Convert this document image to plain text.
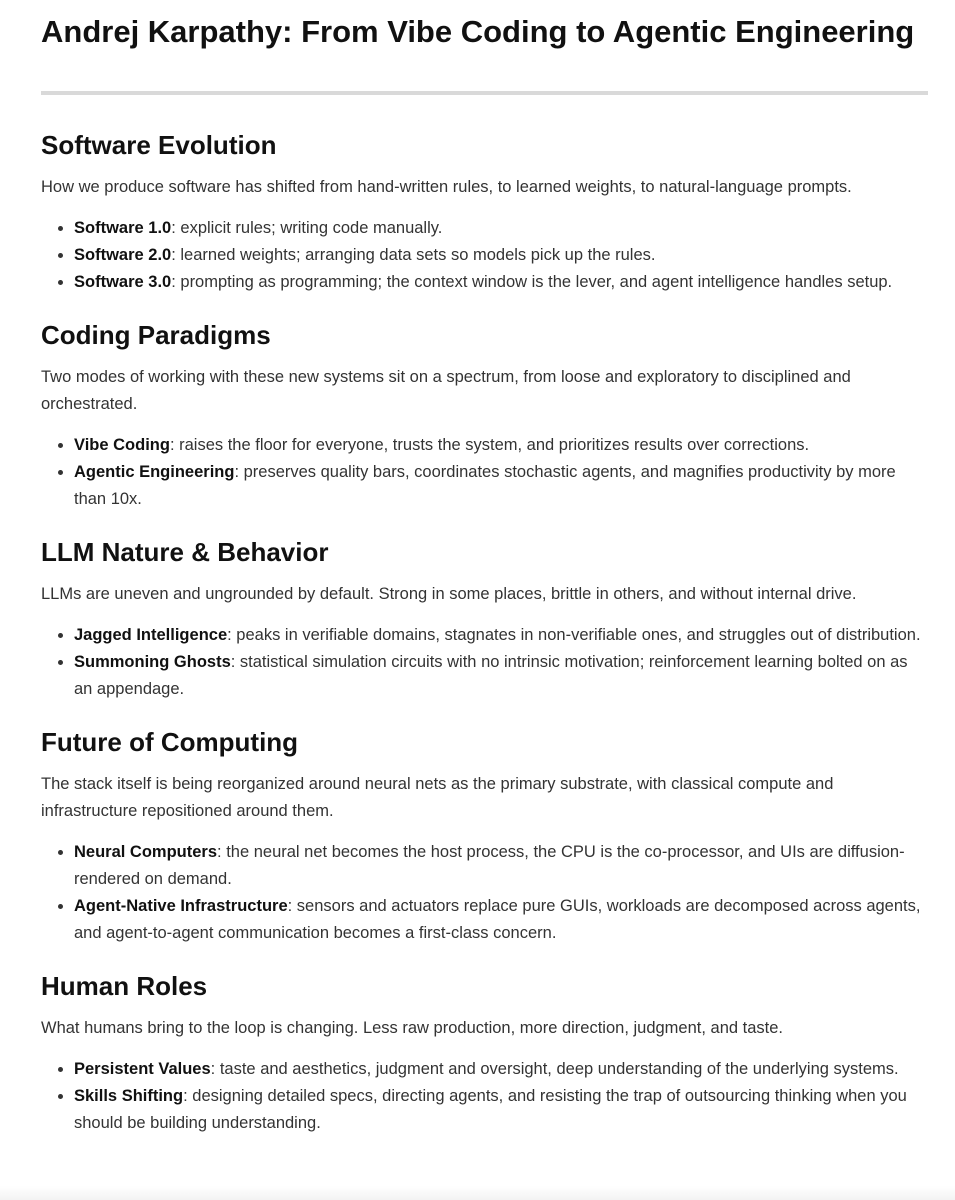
Andrej Karpathy: From Vibe Coding to Agentic Engineering
Software Evolution

How we produce software has shifted from hand-written rules, to learned weights, to natural-language prompts.

• Software 1.0: explicit rules; writing code manually.
• Software 2.0: learned weights; arranging data sets so models pick up the rules.
• Software 3.0: prompting as programming; the context window is the lever, and agent intelligence handles setup.
Coding Paradigms

Two modes of working with these new systems sit on a spectrum, from loose and exploratory to disciplined and orchestrated.

• Vibe Coding: raises the floor for everyone, trusts the system, and prioritizes results over corrections.
• Agentic Engineering: preserves quality bars, coordinates stochastic agents, and magnifies productivity by more than 10x.
LLM Nature & Behavior

LLMs are uneven and ungrounded by default. Strong in some places, brittle in others, and without internal drive.

• Jagged Intelligence: peaks in verifiable domains, stagnates in non-verifiable ones, and struggles out of distribution.
• Summoning Ghosts: statistical simulation circuits with no intrinsic motivation; reinforcement learning bolted on as an appendage.
Future of Computing

The stack itself is being reorganized around neural nets as the primary substrate, with classical compute and infrastructure repositioned around them.

• Neural Computers: the neural net becomes the host process, the CPU is the co-processor, and UIs are diffusion-rendered on demand.
• Agent-Native Infrastructure: sensors and actuators replace pure GUIs, workloads are decomposed across agents, and agent-to-agent communication becomes a first-class concern.
Human Roles

What humans bring to the loop is changing. Less raw production, more direction, judgment, and taste.

• Persistent Values: taste and aesthetics, judgment and oversight, deep understanding of the underlying systems.
• Skills Shifting: designing detailed specs, directing agents, and resisting the trap of outsourcing thinking when you should be building understanding.
